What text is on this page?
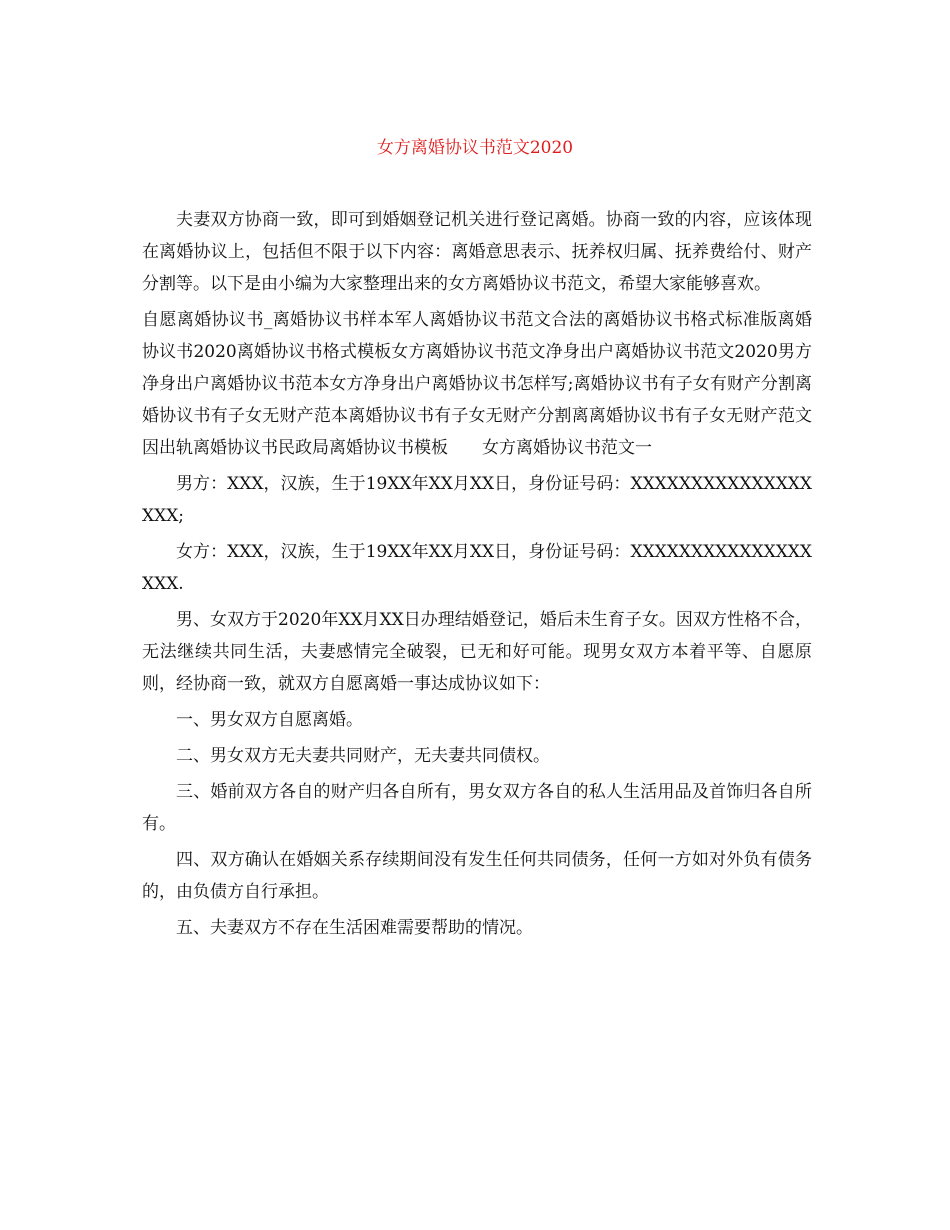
女方离婚协议书范文2020

夫妻双方协商一致，即可到婚姻登记机关进行登记离婚。协商一致的内容，应该体现在离婚协议上，包括但不限于以下内容：离婚意思表示、抚养权归属、抚养费给付、财产分割等。以下是由小编为大家整理出来的女方离婚协议书范文，希望大家能够喜欢。

自愿离婚协议书_离婚协议书样本军人离婚协议书范文合法的离婚协议书格式标准版离婚协议书2020离婚协议书格式模板女方离婚协议书范文净身出户离婚协议书范文2020男方净身出户离婚协议书范本女方净身出户离婚协议书怎样写;离婚协议书有子女有财产分割离婚协议书有子女无财产范本离婚协议书有子女无财产分割离离婚协议书有子女无财产范文因出轨离婚协议书民政局离婚协议书模板　　女方离婚协议书范文一

男方：XXX，汉族，生于19XX年XX月XX日，身份证号码：XXXXXXXXXXXXXXXXXX;

女方：XXX，汉族，生于19XX年XX月XX日，身份证号码：XXXXXXXXXXXXXXXXXX.

男、女双方于2020年XX月XX日办理结婚登记，婚后未生育子女。因双方性格不合，无法继续共同生活，夫妻感情完全破裂，已无和好可能。现男女双方本着平等、自愿原则，经协商一致，就双方自愿离婚一事达成协议如下：

一、男女双方自愿离婚。

二、男女双方无夫妻共同财产，无夫妻共同债权。

三、婚前双方各自的财产归各自所有，男女双方各自的私人生活用品及首饰归各自所有。

四、双方确认在婚姻关系存续期间没有发生任何共同债务，任何一方如对外负有债务的，由负债方自行承担。

五、夫妻双方不存在生活困难需要帮助的情况。
